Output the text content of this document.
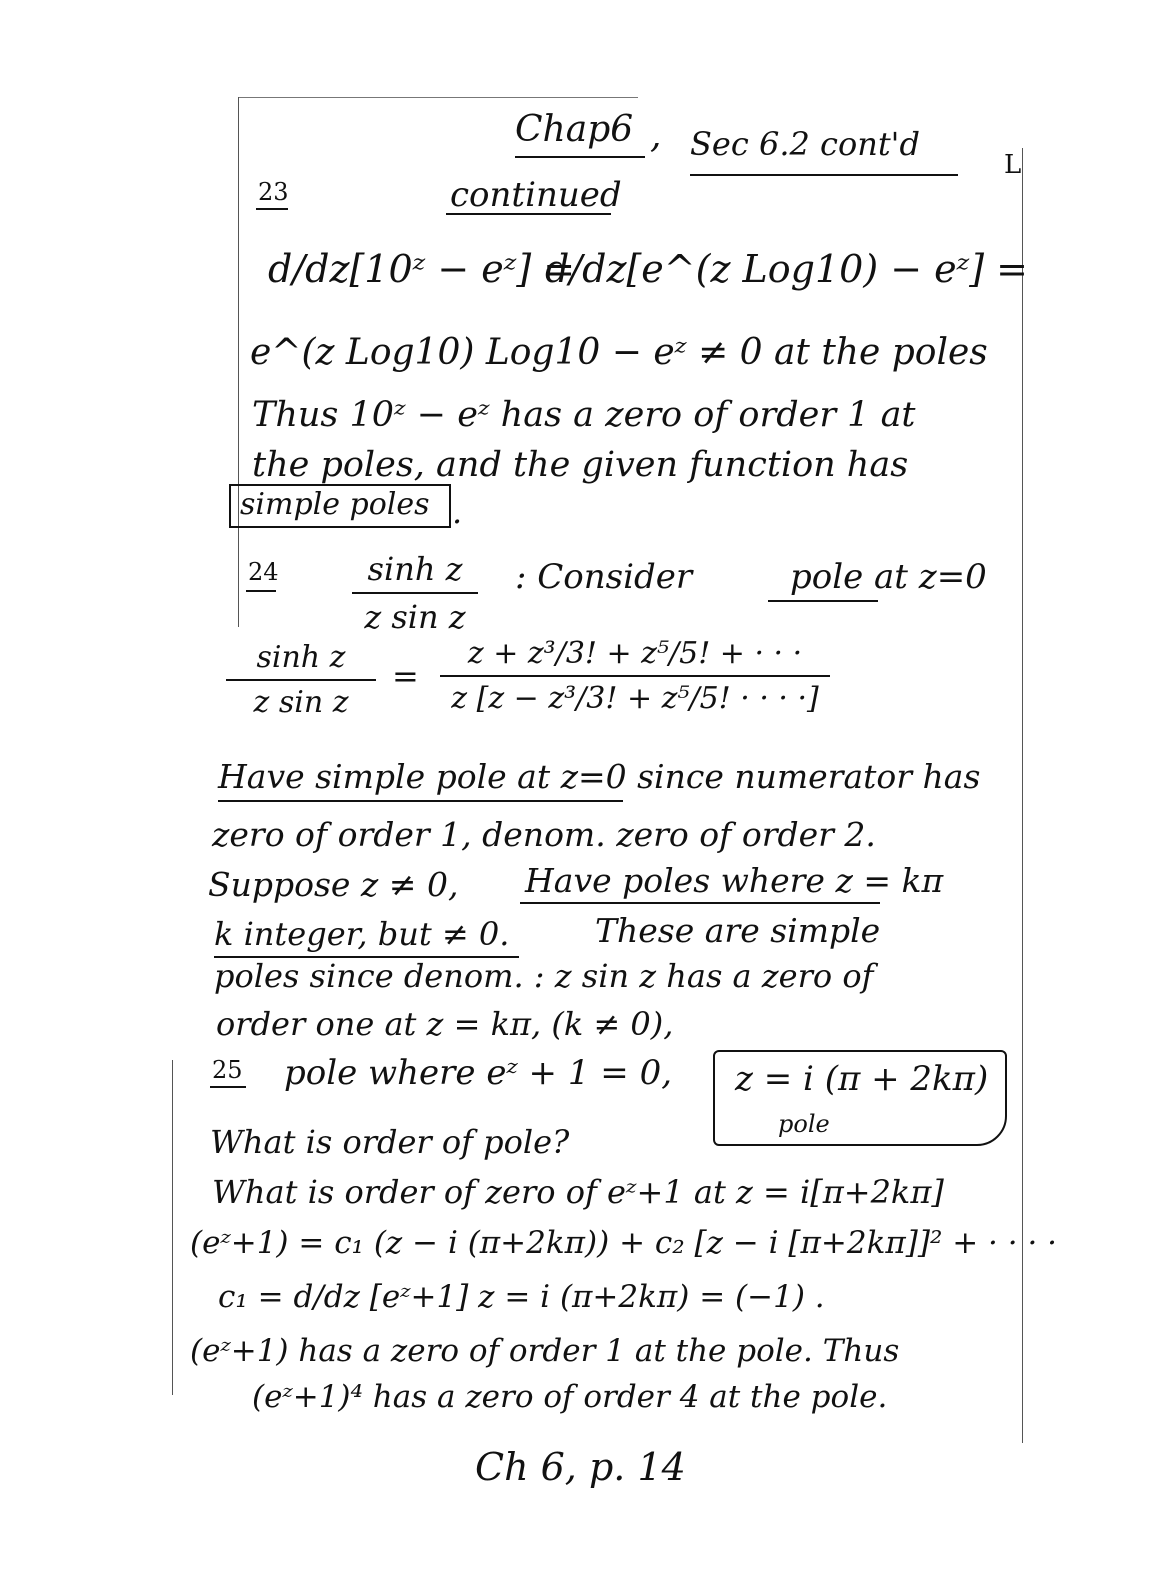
Chap6 , Sec 6.2 cont'd
L
23	continued
d/dz[10ᶻ − eᶻ] =
d/dz[e^(z Log10) − eᶻ] =
e^(z Log10) Log10 − eᶻ ≠ 0 at the poles
Thus 10ᶻ − eᶻ has a zero of order 1 at
the poles, and the given function has
simple poles .
24	sinh z
z sin z
: Consider	pole at z=0
sinh z
z sin z
=
z + z³/3! + z⁵/5! + · · ·
z [z − z³/3! + z⁵/5! · · · ·]
Have simple pole at z=0 since numerator has
zero of order 1, denom. zero of order 2.
Suppose z ≠ 0, Have poles where z = kπ
k integer, but ≠ 0.	These are simple
poles since denom. : z sin z has a zero of
order one at z = kπ, (k ≠ 0),
25 pole where eᶻ + 1 = 0, z = i (π + 2kπ)
pole
What is order of pole?
What is order of zero of eᶻ+1 at z = i[π+2kπ]
(eᶻ+1) = c₁ (z − i (π+2kπ)) + c₂ [z − i [π+2kπ]]² + · · · ·
c₁ = d/dz [eᶻ+1] z = i (π+2kπ) = (−1) .
(eᶻ+1) has a zero of order 1 at the pole. Thus
(eᶻ+1)⁴ has a zero of order 4 at the pole.
Ch 6, p. 14
